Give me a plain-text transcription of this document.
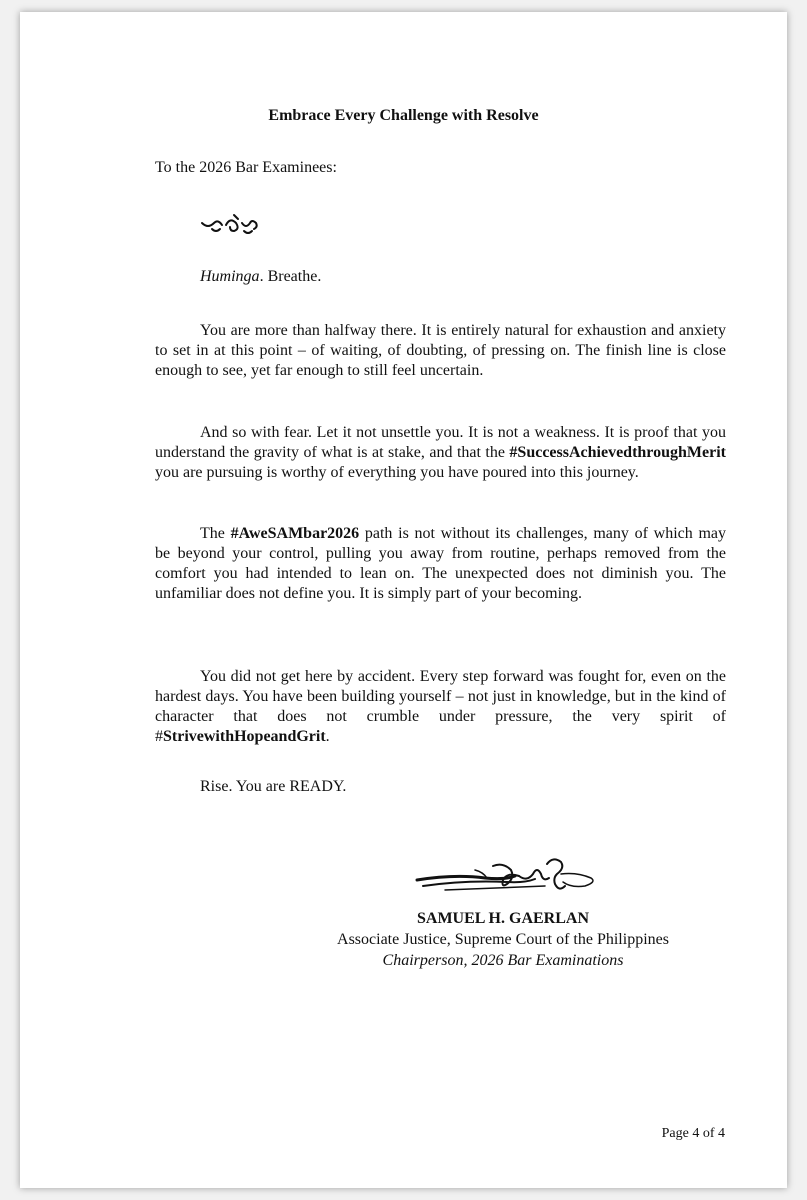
Embrace Every Challenge with Resolve
To the 2026 Bar Examinees:
Huminga. Breathe.
You are more than halfway there. It is entirely natural for exhaustion and anxiety to set in at this point – of waiting, of doubting, of pressing on. The finish line is close enough to see, yet far enough to still feel uncertain.
And so with fear. Let it not unsettle you. It is not a weakness. It is proof that you understand the gravity of what is at stake, and that the #SuccessAchievedthroughMerit you are pursuing is worthy of everything you have poured into this journey.
The #AweSAMbar2026 path is not without its challenges, many of which may be beyond your control, pulling you away from routine, perhaps removed from the comfort you had intended to lean on. The unexpected does not diminish you. The unfamiliar does not define you. It is simply part of your becoming.
You did not get here by accident. Every step forward was fought for, even on the hardest days. You have been building yourself – not just in knowledge, but in the kind of character that does not crumble under pressure, the very spirit of #StrivewithHopeandGrit.
Rise. You are READY.
SAMUEL H. GAERLAN
Associate Justice, Supreme Court of the Philippines
Chairperson, 2026 Bar Examinations
Page 4 of 4
